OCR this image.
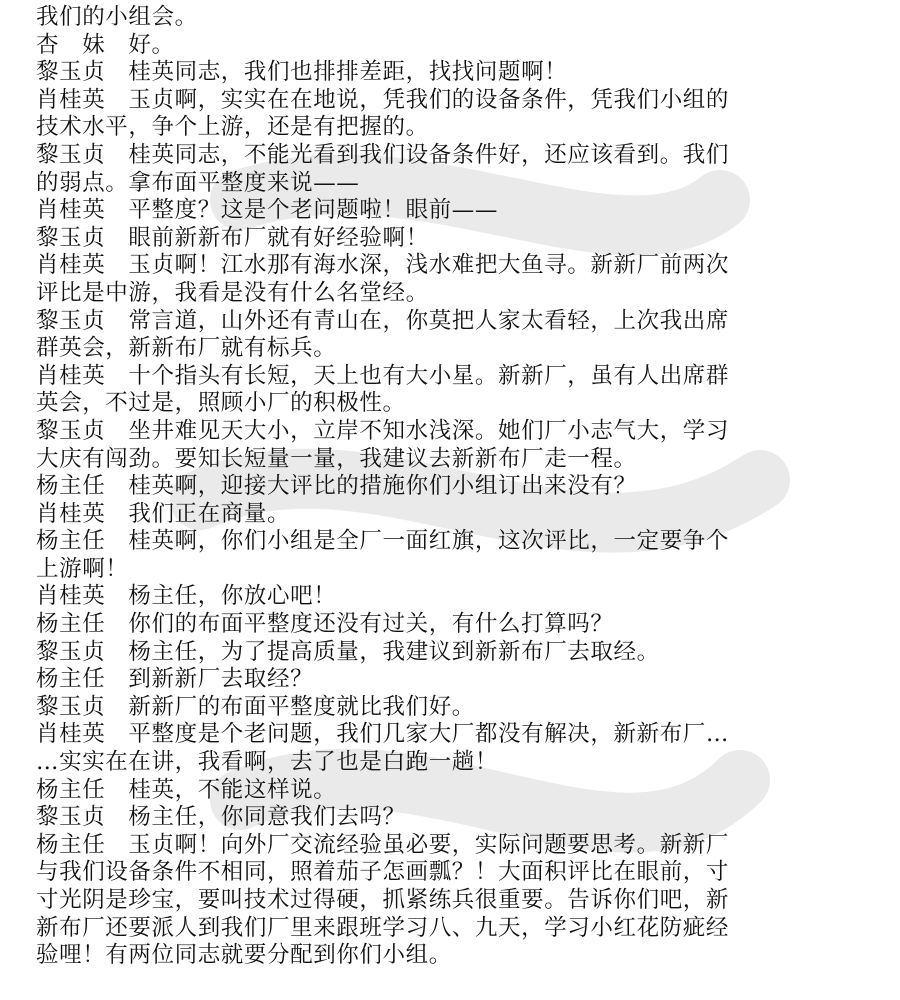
我们的小组会。
杏　妹　好。
黎玉贞　桂英同志，我们也排排差距，找找问题啊！
肖桂英　玉贞啊，实实在在地说，凭我们的设备条件，凭我们小组的
技术水平，争个上游，还是有把握的。
黎玉贞　桂英同志，不能光看到我们设备条件好，还应该看到。我们
的弱点。拿布面平整度来说——
肖桂英　平整度？这是个老问题啦！眼前——
黎玉贞　眼前新新布厂就有好经验啊！
肖桂英　玉贞啊！江水那有海水深，浅水难把大鱼寻。新新厂前两次
评比是中游，我看是没有什么名堂经。
黎玉贞　常言道，山外还有青山在，你莫把人家太看轻，上次我出席
群英会，新新布厂就有标兵。
肖桂英　十个指头有长短，天上也有大小星。新新厂，虽有人出席群
英会，不过是，照顾小厂的积极性。
黎玉贞　坐井难见天大小，立岸不知水浅深。她们厂小志气大，学习
大庆有闯劲。要知长短量一量，我建议去新新布厂走一程。
杨主任　桂英啊，迎接大评比的措施你们小组订出来没有？
肖桂英　我们正在商量。
杨主任　桂英啊，你们小组是全厂一面红旗，这次评比，一定要争个
上游啊！
肖桂英　杨主任，你放心吧！
杨主任　你们的布面平整度还没有过关，有什么打算吗？
黎玉贞　杨主任，为了提高质量，我建议到新新布厂去取经。
杨主任　到新新厂去取经？
黎玉贞　新新厂的布面平整度就比我们好。
肖桂英　平整度是个老问题，我们几家大厂都没有解决，新新布厂…
…实实在在讲，我看啊，去了也是白跑一趟！
杨主任　桂英，不能这样说。
黎玉贞　杨主任，你同意我们去吗？
杨主任　玉贞啊！向外厂交流经验虽必要，实际问题要思考。新新厂
与我们设备条件不相同，照着茄子怎画瓢？！大面积评比在眼前，寸
寸光阴是珍宝，要叫技术过得硬，抓紧练兵很重要。告诉你们吧，新
新布厂还要派人到我们厂里来跟班学习八、九天，学习小红花防疵经
验哩！有两位同志就要分配到你们小组。
